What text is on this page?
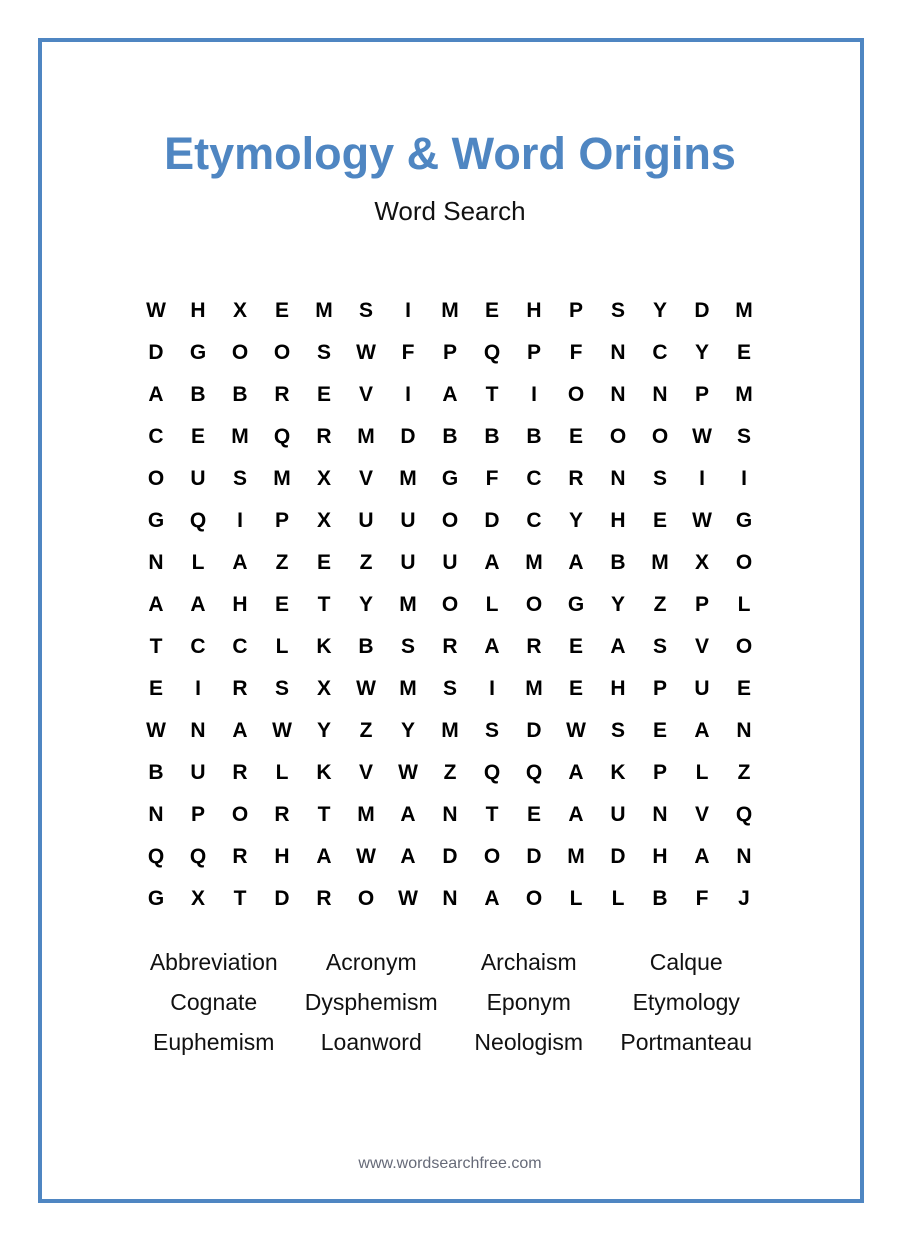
Etymology & Word Origins
Word Search
W	H	X	E	M	S	I	M	E	H	P	S	Y	D	M
D	G	O	O	S	W	F	P	Q	P	F	N	C	Y	E
A	B	B	R	E	V	I	A	T	I	O	N	N	P	M
C	E	M	Q	R	M	D	B	B	B	E	O	O	W	S
O	U	S	M	X	V	M	G	F	C	R	N	S	I	I
G	Q	I	P	X	U	U	O	D	C	Y	H	E	W	G
N	L	A	Z	E	Z	U	U	A	M	A	B	M	X	O
A	A	H	E	T	Y	M	O	L	O	G	Y	Z	P	L
T	C	C	L	K	B	S	R	A	R	E	A	S	V	O
E	I	R	S	X	W	M	S	I	M	E	H	P	U	E
W	N	A	W	Y	Z	Y	M	S	D	W	S	E	A	N
B	U	R	L	K	V	W	Z	Q	Q	A	K	P	L	Z
N	P	O	R	T	M	A	N	T	E	A	U	N	V	Q
Q	Q	R	H	A	W	A	D	O	D	M	D	H	A	N
G	X	T	D	R	O	W	N	A	O	L	L	B	F	J
Abbreviation	Acronym	Archaism	Calque
Cognate	Dysphemism	Eponym	Etymology
Euphemism	Loanword	Neologism	Portmanteau
www.wordsearchfree.com
